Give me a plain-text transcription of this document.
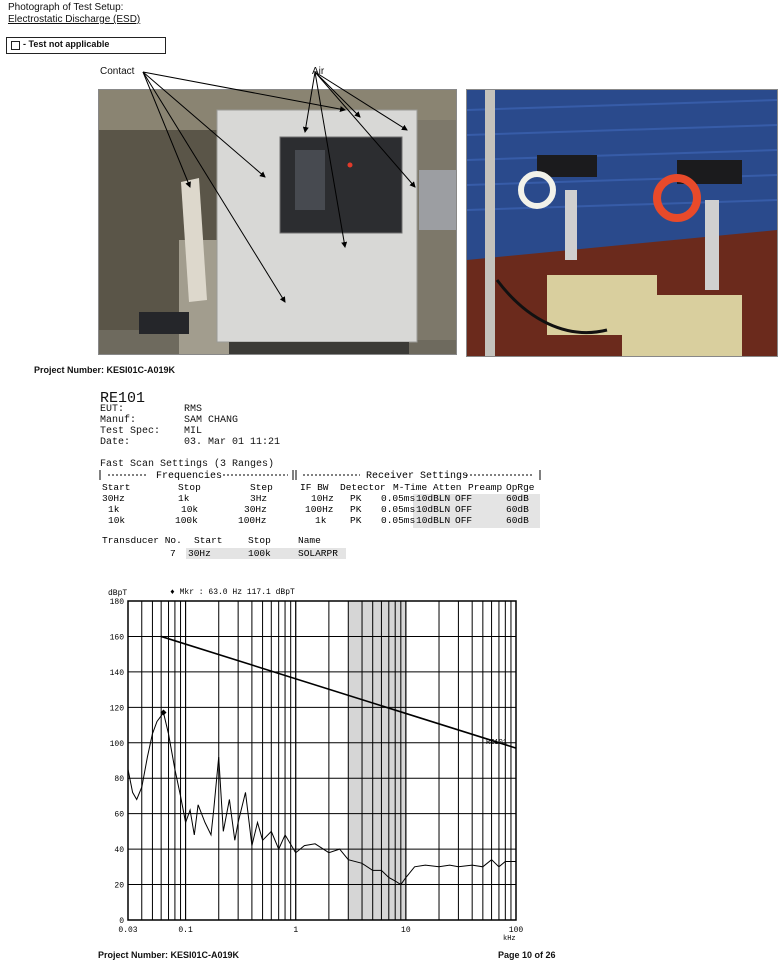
Photograph of Test Setup:
Electrostatic Discharge (ESD)
- Test not applicable
Contact	Air
Project Number: KESI01C-A019K
RE101
EUT:	RMS
Manuf:	SAM CHANG
Test Spec: MIL
Date:	03. Mar 01 11:21
Fast Scan Settings (3 Ranges)
Frequencies	Receiver Settings
Start	Stop	Step	IF BW Detector M-Time Atten Preamp OpRge
30Hz	1k	3Hz	10Hz PK 0.05ms 10dBLN OFF	60dB
1k	10k	30Hz	100Hz PK 0.05ms 10dBLN OFF	60dB
10k	100k	100Hz	1k PK 0.05ms 10dBLN OFF	60dB
Transducer No. Start	Stop	Name
7 30Hz	100k	SOLARPR
0
20
40
60
80
100
120
140
160
180
0.03	0.1	1	10	100
RE101
dBpT	♦ Mkr : 63.0 Hz 117.1 dBpT
kHz
Project Number: KESI01C-A019K	Page 10 of 26
